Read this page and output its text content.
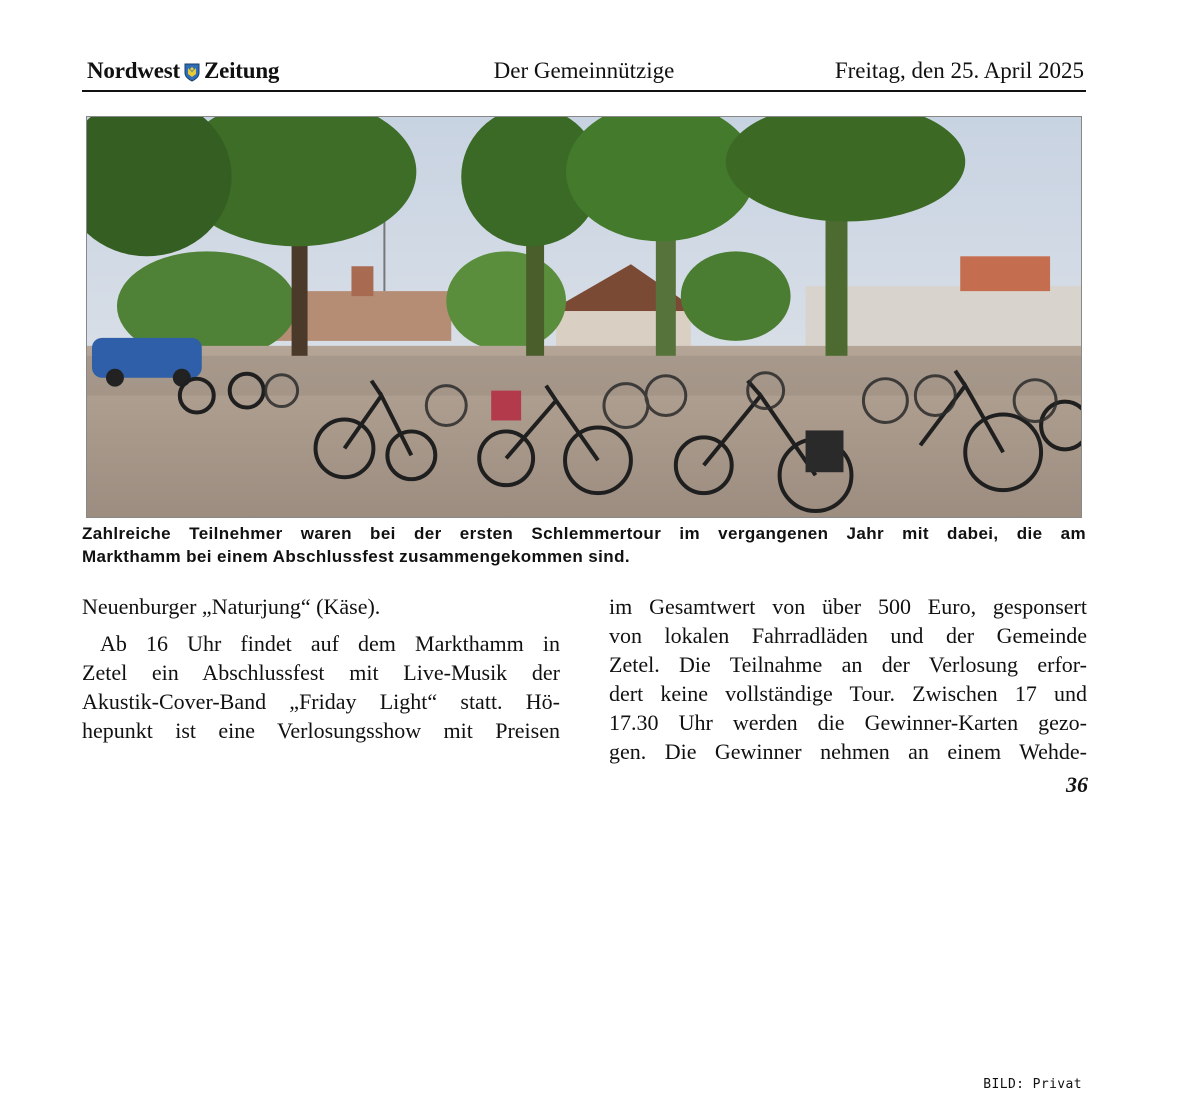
Nordwest Zeitung	Der Gemeinnützige	Freitag, den 25. April 2025
Zahlreiche Teilnehmer waren bei der ersten Schlemmertour im vergangenen Jahr mit dabei, die am
Markthamm bei einem Abschlussfest zusammengekommen sind.
BILD: Privat
Neuenburger „Naturjung“ (Käse).
Ab 16 Uhr findet auf dem Markthamm in
Zetel ein Abschlussfest mit Live-Musik der
Akustik-Cover-Band „Friday Light“ statt. Hö-
hepunkt ist eine Verlosungsshow mit Preisen
im Gesamtwert von über 500 Euro, gesponsert
von lokalen Fahrradläden und der Gemeinde
Zetel. Die Teilnahme an der Verlosung erfor-
dert keine vollständige Tour. Zwischen 17 und
17.30 Uhr werden die Gewinner-Karten gezo-
gen. Die Gewinner nehmen an einem Wehde-
36
